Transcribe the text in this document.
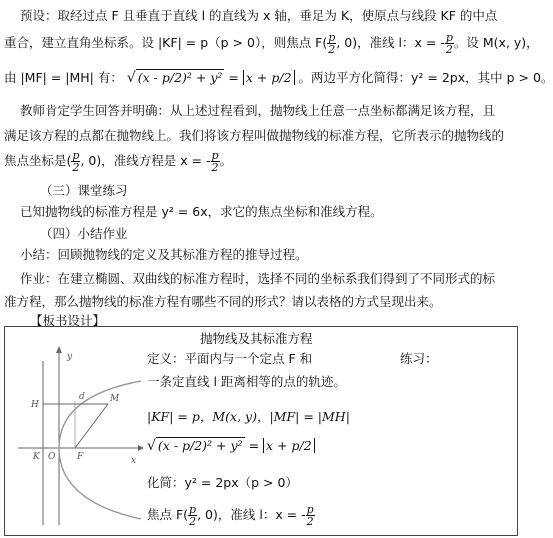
预设：取经过点 F 且垂直于直线 l 的直线为 x 轴，垂足为 K，使原点与线段 KF 的中点
重合，建立直角坐标系。设 |KF| = p（p > 0），则焦点 $F( \frac{p}{2}$ , 0)，准线 l：x = - $\frac{p}{2}$ 。设 M(x, y)，
由 |MF| = |MH| 有： √ (x - p/2)² + y² = x + p/2 。两边平方化简得：y² = 2px，其中 p > 0。
教师肯定学生回答并明确：从上述过程看到，抛物线上任意一点坐标都满足该方程，且
满足该方程的点都在抛物线上。我们将该方程叫做抛物线的标准方程，它所表示的抛物线的
焦点坐标是( $\frac{p}{2}$ , 0)，准线方程是 x = - $\frac{p}{2}$ 。
（三）课堂练习
已知抛物线的标准方程是 y² = 6x，求它的焦点坐标和准线方程。
（四）小结作业
小结：回顾抛物线的定义及其标准方程的推导过程。
作业：在建立椭圆、双曲线的标准方程时，选择不同的坐标系我们得到了不同形式的标
准方程，那么抛物线的标准方程有哪些不同的形式？请以表格的方式呈现出来。
【板书设计】
抛物线及其标准方程
y
x
H
M
d
K O F
定义：平面内与一个定点 F 和	练习：
一条定直线 l 距离相等的点的轨迹。
|KF| = p，M(x, y)，|MF| = |MH|
√ (x - p/2)² + y² = x + p/2
化简：y² = 2px（p > 0）
焦点 $F( \frac{p}{2}$ , 0)，准线 l：x = - $\frac{p}{2}$
